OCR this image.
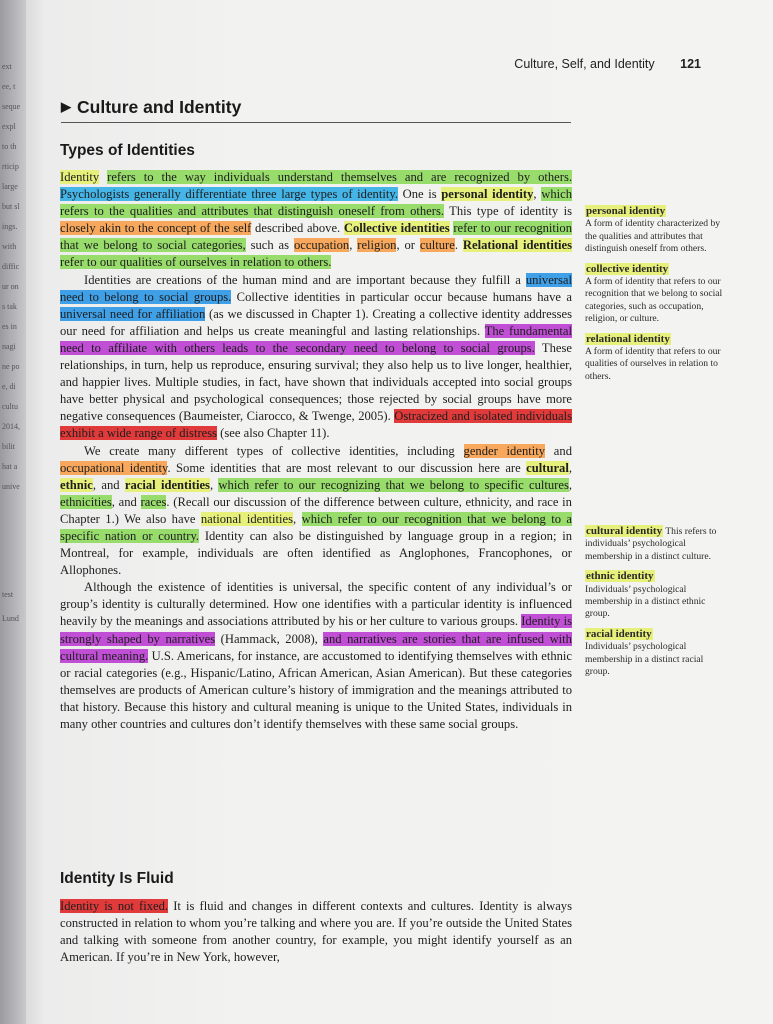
Culture, Self, and Identity 121
▶ Culture and Identity
Types of Identities

Identity refers to the way individuals understand themselves and are recognized by others. Psychologists generally differentiate three large types of identity. One is personal identity, which refers to the qualities and attributes that distinguish oneself from others. This type of identity is closely akin to the concept of the self described above. Collective identities refer to our recognition that we belong to social categories, such as occupation, religion, or culture. Relational identities refer to our qualities of ourselves in relation to others.

Identities are creations of the human mind and are important because they fulfill a universal need to belong to social groups. Collective identities in particular occur because humans have a universal need for affiliation (as we discussed in Chapter 1). Creating a collective identity addresses our need for affiliation and helps us create meaningful and lasting relationships. The fundamental need to affiliate with others leads to the secondary need to belong to social groups. These relationships, in turn, help us reproduce, ensuring survival; they also help us to live longer, healthier, and happier lives. Multiple studies, in fact, have shown that individuals accepted into social groups have better physical and psychological consequences; those rejected by social groups have more negative consequences (Baumeister, Ciarocco, & Twenge, 2005). Ostracized and isolated individuals exhibit a wide range of distress (see also Chapter 11).

We create many different types of collective identities, including gender identity and occupational identity. Some identities that are most relevant to our discussion here are cultural, ethnic, and racial identities, which refer to our recognizing that we belong to specific cultures, ethnicities, and races. (Recall our discussion of the difference between culture, ethnicity, and race in Chapter 1.) We also have national identities, which refer to our recognition that we belong to a specific nation or country. Identity can also be distinguished by language group in a region; in Montreal, for example, individuals are often identified as Anglophones, Francophones, or Allophones.

Although the existence of identities is universal, the specific content of any individual’s or group’s identity is culturally determined. How one identifies with a particular identity is influenced heavily by the meanings and associations attributed by his or her culture to various groups. Identity is strongly shaped by narratives (Hammack, 2008), and narratives are stories that are infused with cultural meaning. U.S. Americans, for instance, are accustomed to identifying themselves with ethnic or racial categories (e.g., Hispanic/Latino, African American, Asian American). But these categories themselves are products of American culture’s history of immigration and the meanings attributed to that history. Because this history and cultural meaning is unique to the United States, individuals in many other countries and cultures don’t identify themselves with these same social groups.

Identity Is Fluid

Identity is not fixed. It is fluid and changes in different contexts and cultures. Identity is always constructed in relation to whom you’re talking and where you are. If you’re outside the United States and talking with someone from another country, for example, you might identify yourself as an American. If you’re in New York, however,

personal identity
A form of identity characterized by the qualities and attributes that distinguish oneself from others.
collective identity
A form of identity that refers to our recognition that we belong to social categories, such as occupation, religion, or culture.
relational identity
A form of identity that refers to our qualities of ourselves in relation to others.
cultural identity This refers to individuals’ psychological membership in a distinct culture.
ethnic identity
Individuals’ psychological membership in a distinct ethnic group.
racial identity
Individuals’ psychological membership in a distinct racial group.
ext
ee, t
seque
expl
to th
rticip
large
but sl
ings.
with
diffic
ur on
s tak
es in
nagi
ne po
e, di
cultu
2014,
bilit
hat a
unive
test
Lund
